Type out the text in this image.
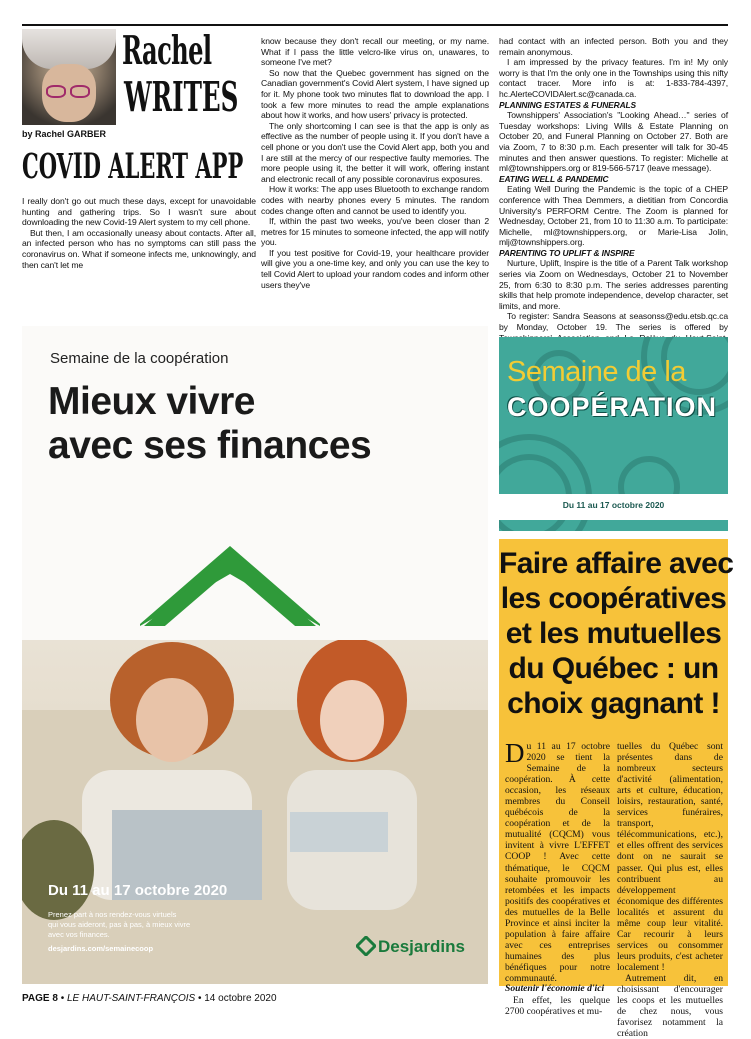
Rachel
WRITES
by Rachel GARBER
COVID ALERT APP

I really don't go out much these days, except for unavoidable hunting and gathering trips. So I wasn't sure about downloading the new Covid-19 Alert system to my cell phone.

But then, I am occasionally uneasy about contacts. After all, an infected person who has no symptoms can still pass the coronavirus on. What if someone infects me, unknowingly, and then can't let me

know because they don't recall our meeting, or my name. What if I pass the little velcro-like virus on, unawares, to someone I've met?

So now that the Quebec government has signed on the Canadian government's Covid Alert system, I have signed up for it. My phone took two minutes flat to download the app. I took a few more minutes to read the ample explanations about how it works, and how users' privacy is protected.

The only shortcoming I can see is that the app is only as effective as the number of people using it. If you don't have a cell phone or you don't use the Covid Alert app, both you and I are still at the mercy of our respective faulty memories. The more people using it, the better it will work, offering instant and electronic recall of any possible coronavirus exposures.

How it works: The app uses Bluetooth to exchange random codes with nearby phones every 5 minutes. The random codes change often and cannot be used to identify you.

If, within the past two weeks, you've been closer than 2 metres for 15 minutes to someone infected, the app will notify you.

If you test positive for Covid-19, your healthcare provider will give you a one-time key, and only you can use the key to tell Covid Alert to upload your random codes and inform other users they've

had contact with an infected person. Both you and they remain anonymous.

I am impressed by the privacy features. I'm in! My only worry is that I'm the only one in the Townships using this nifty contact tracer. More info is at: 1-833-784-4397, hc.AlerteCOVIDAlert.sc@canada.ca.

PLANNING ESTATES & FUNERALS

Townshippers' Association's "Looking Ahead…" series of Tuesday workshops: Living Wills & Estate Planning on October 20, and Funeral Planning on October 27. Both are via Zoom, 7 to 8:30 p.m. Each presenter will talk for 30-45 minutes and then answer questions. To register: Michelle at ml@townshippers.org or 819-566-5717 (leave message).

EATING WELL & PANDEMIC

Eating Well During the Pandemic is the topic of a CHEP conference with Thea Demmers, a dietitian from Concordia University's PERFORM Centre. The Zoom is planned for Wednesday, October 21, from 10 to 11:30 a.m. To participate: Michelle, ml@townshippers.org, or Marie-Lisa Jolin, mlj@townshippers.org.

PARENTING TO UPLIFT & INSPIRE

Nurture, Uplift, Inspire is the title of a Parent Talk workshop series via Zoom on Wednesdays, October 21 to November 25, from 6:30 to 8:30 p.m. The series addresses parenting skills that help promote independence, develop character, set limits, and more.

To register: Sandra Seasons at seasonss@edu.etsb.qc.ca by Monday, October 19. The series is offered by

Semaine de la coopération
Mieux vivre
avec ses finances
Du 11 au 17 octobre 2020
Prenez part à nos rendez-vous virtuels
qui vous aideront, pas à pas, à mieux vivre
avec vos finances.
desjardins.com/semainecoop	Desjardins
Semaine de la
COOPÉRATION
Du 11 au 17 octobre 2020
Faire affaire avec
les coopératives
et les mutuelles
du Québec : un
choix gagnant !

Du 11 au 17 octobre 2020 se tient la Semaine de la coopération. À cette occasion, les réseaux membres du Conseil québécois de la coopération et de la mutualité (CQCM) vous invitent à vivre L'EFFET COOP ! Avec cette thématique, le CQCM souhaite promouvoir les retombées et les impacts positifs des coopératives et des mutuelles de la Belle Province et ainsi inciter la population à faire affaire avec ces entreprises humaines des plus bénéfiques pour notre communauté.

Soutenir l'économie d'ici

En effet, les quelque 2700 coopératives et mu-

tuelles du Québec sont présentes dans de nombreux secteurs d'activité (alimentation, arts et culture, éducation, loisirs, restauration, santé, services funéraires, transport, télécommunications, etc.), et elles offrent des services dont on ne saurait se passer. Qui plus est, elles contribuent au développement économique des différentes localités et assurent du même coup leur vitalité. Car recourir à leurs services ou consommer leurs produits, c'est acheter localement !

Autrement dit, en choisissant d'encourager les coops et les mutuelles de chez nous, vous favorisez notamment la création

PAGE 8 • LE HAUT-SAINT-FRANÇOIS • 14 octobre 2020
